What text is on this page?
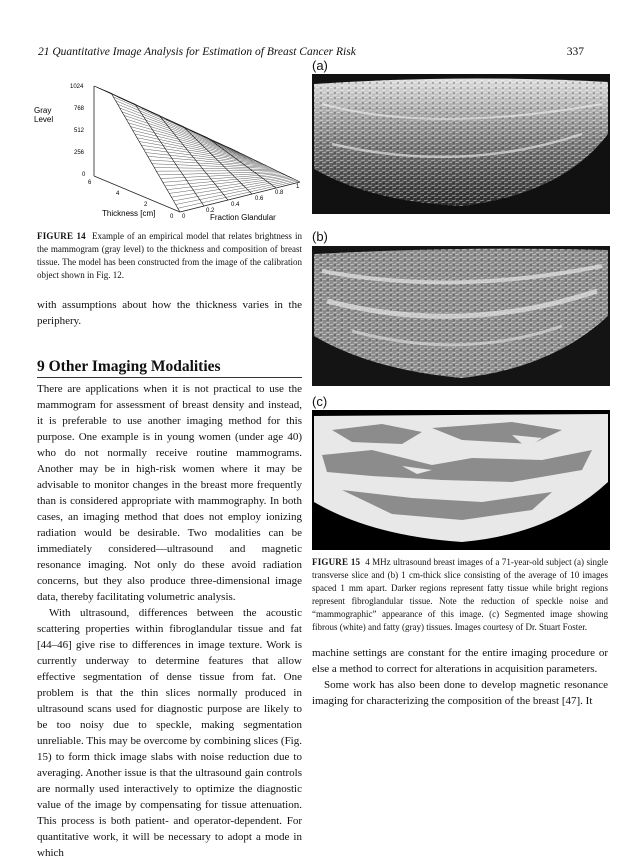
21 Quantitative Image Analysis for Estimation of Breast Cancer Risk	337
Gray
Level
1024
768
512
256
0
6
4
2
0
Thickness [cm]	0
0.2
0.4
0.6
0.8
1
Fraction Glandular
FIGURE 14 Example of an empirical model that relates brightness in the mammogram (gray level) to the thickness and composition of breast tissue. The model has been constructed from the image of the calibration object shown in Fig. 12.

with assumptions about how the thickness varies in the periphery.

9 Other Imaging Modalities

There are applications when it is not practical to use the mammogram for assessment of breast density and instead, it is preferable to use another imaging method for this purpose. One example is in young women (under age 40) who do not normally receive routine mammograms. Another may be in high-risk women where it may be advisable to monitor changes in the breast more frequently than is considered appropriate with mammography. In both cases, an imaging method that does not employ ionizing radiation would be desirable. Two modalities can be immediately considered—ultrasound and magnetic resonance imaging. Not only do these avoid radiation concerns, but they also produce three-dimensional image data, thereby facilitating volumetric analysis.

With ultrasound, differences between the acoustic scattering properties within fibroglandular tissue and fat [44–46] give rise to differences in image texture. Work is currently underway to determine features that allow effective segmentation of dense tissue from fat. One problem is that the thin slices normally produced in ultrasound scans used for diagnostic purpose are likely to be too noisy due to speckle, making segmentation unreliable. This may be overcome by combining slices (Fig. 15) to form thick image slabs with noise reduction due to averaging. Another issue is that the ultrasound gain controls are normally used interactively to optimize the diagnostic value of the image by compensating for tissue attenuation. This process is both patient- and operator-dependent. For quantitative work, it will be necessary to adopt a mode in which

(a)
(b)
(c)
FIGURE 15 4 MHz ultrasound breast images of a 71-year-old subject (a) single transverse slice and (b) 1 cm-thick slice consisting of the average of 10 images spaced 1 mm apart. Darker regions represent fatty tissue while bright regions represent fibroglandular tissue. Note the reduction of speckle noise and “mammographic” appearance of this image. (c) Segmented image showing fibrous (white) and fatty (gray) tissues. Images courtesy of Dr. Stuart Foster.

machine settings are constant for the entire imaging procedure or else a method to correct for alterations in acquisition parameters.

Some work has also been done to develop magnetic resonance imaging for characterizing the composition of the breast [47]. It
